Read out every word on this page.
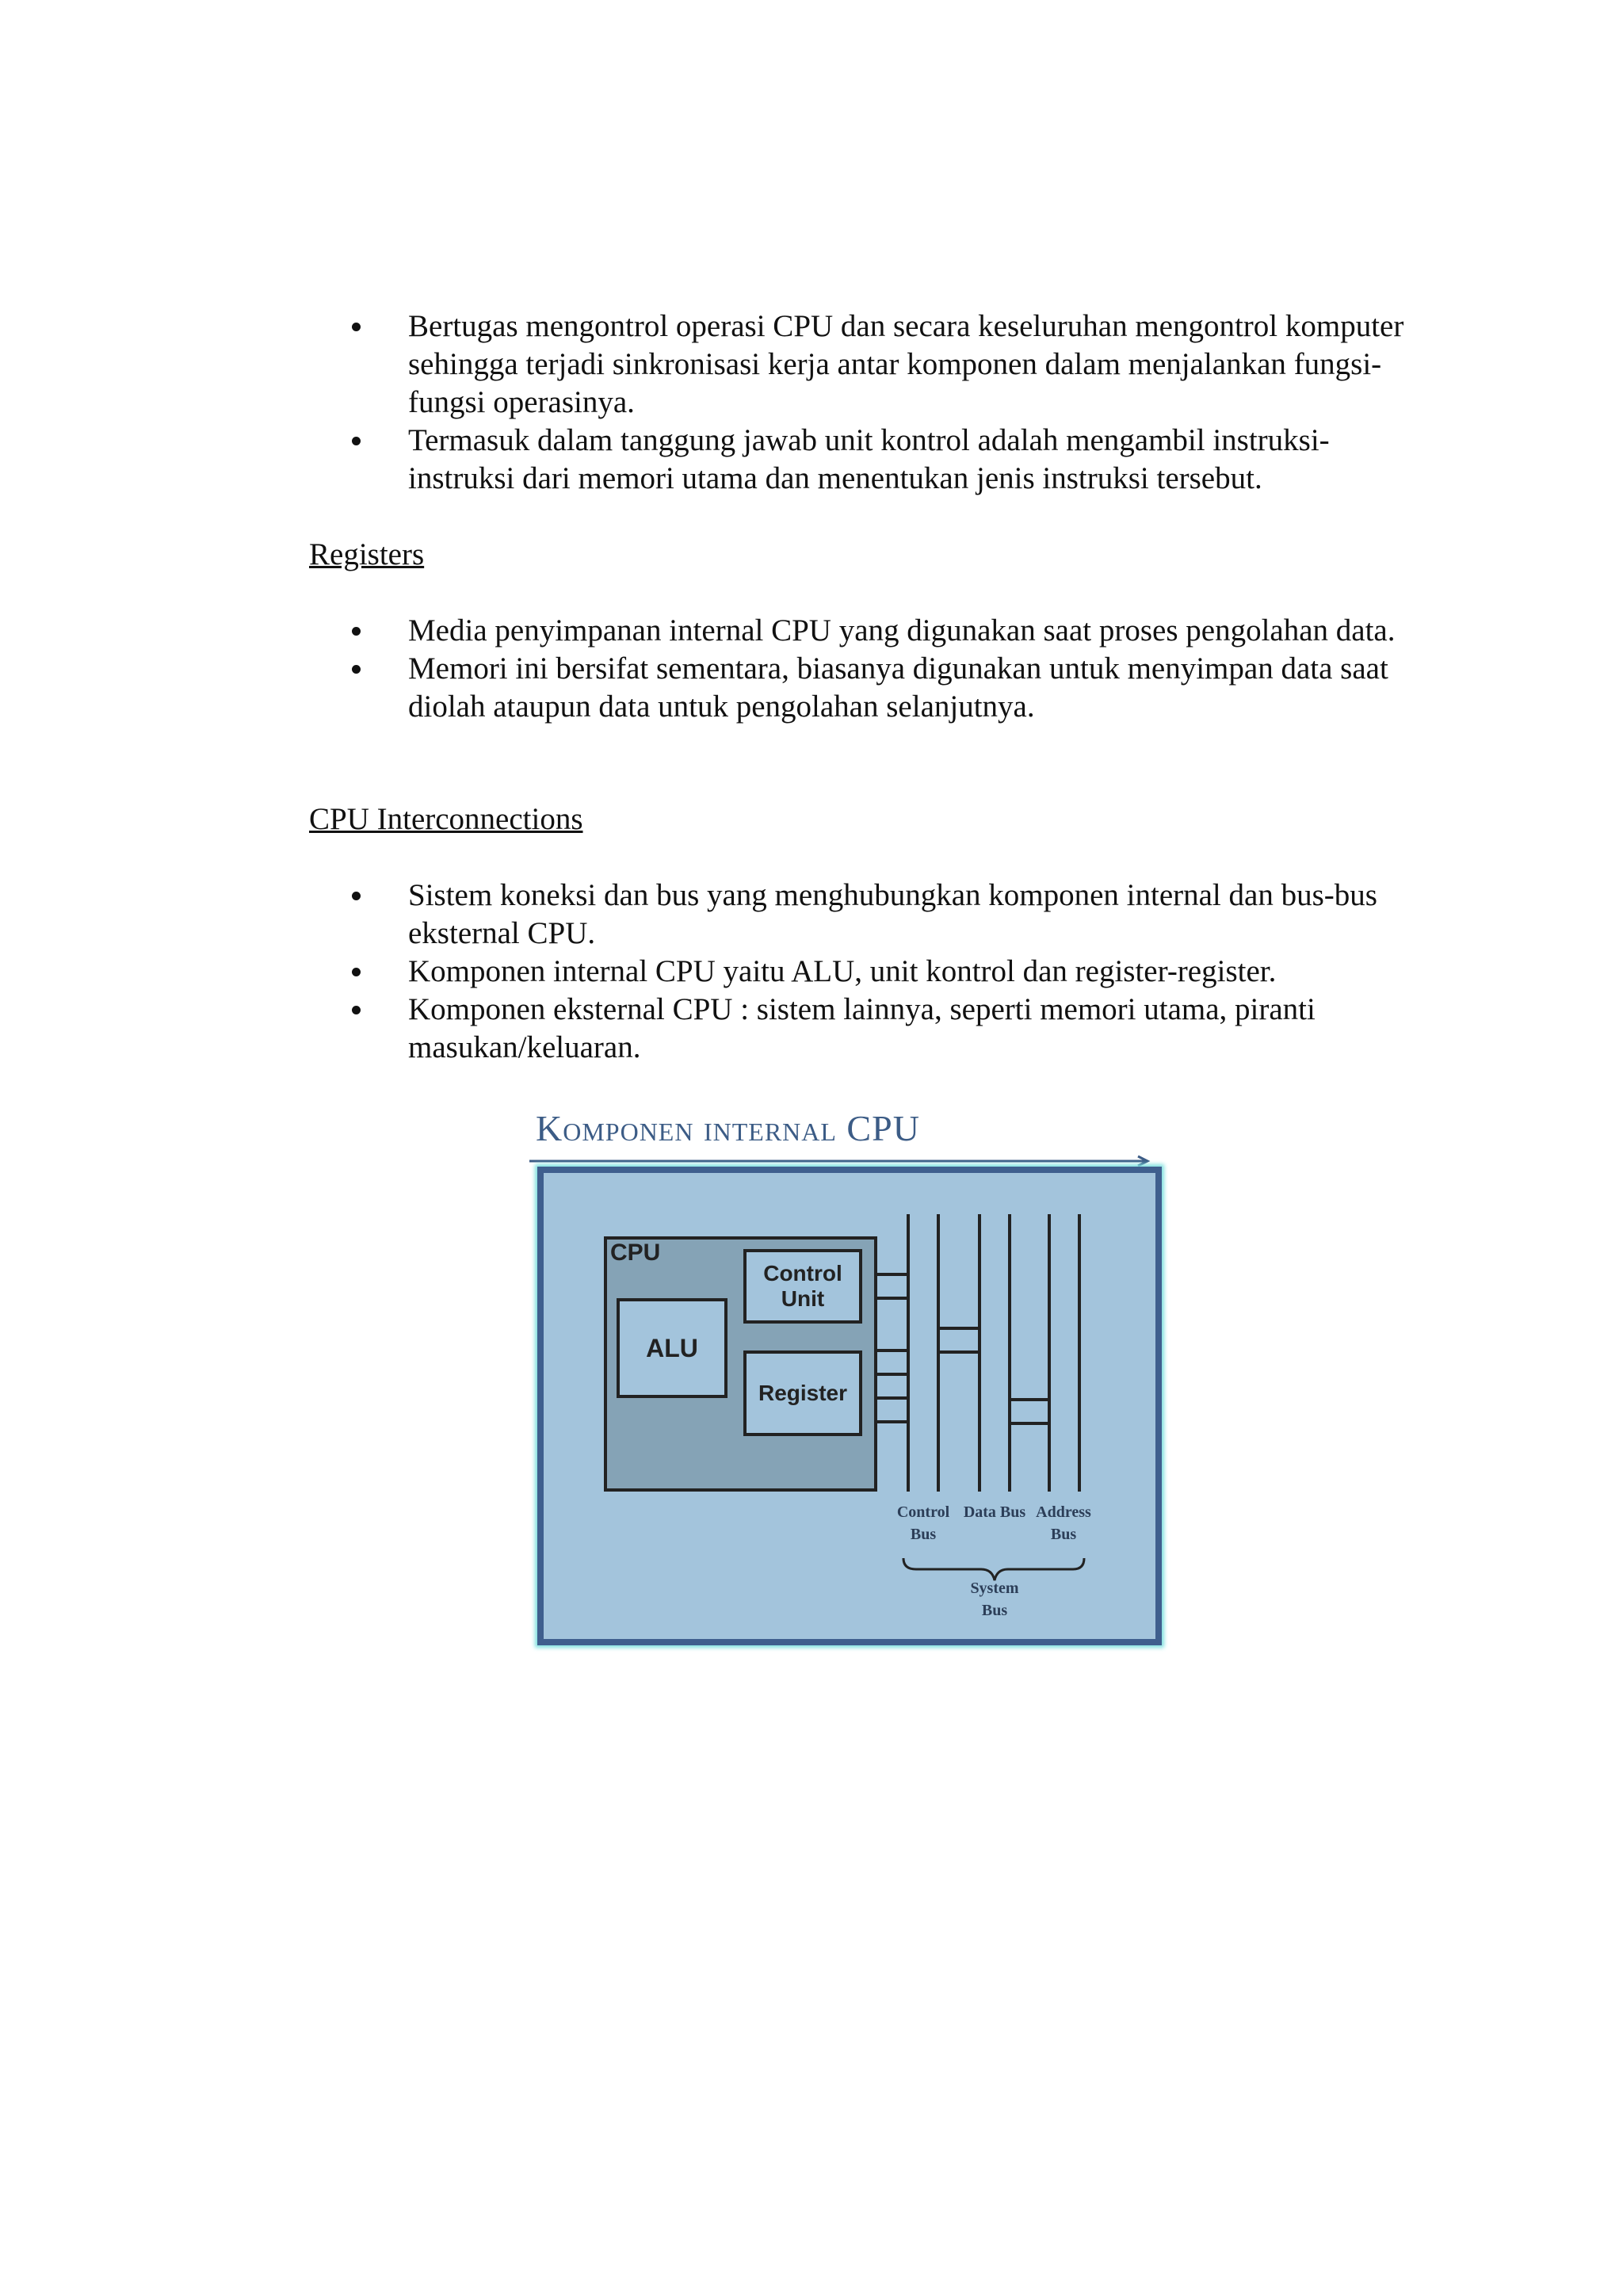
Bertugas mengontrol operasi CPU dan secara keseluruhan mengontrol komputer sehingga terjadi sinkronisasi kerja antar komponen dalam menjalankan fungsi-fungsi operasinya.
Termasuk dalam tanggung jawab unit kontrol adalah mengambil instruksi-instruksi dari memori utama dan menentukan jenis instruksi tersebut.
Registers
Media penyimpanan internal CPU yang digunakan saat proses pengolahan data.
Memori ini bersifat sementara, biasanya digunakan untuk menyimpan data saat diolah ataupun data untuk pengolahan selanjutnya.
CPU Interconnections
Sistem koneksi dan bus yang menghubungkan komponen internal dan bus-bus eksternal CPU.
Komponen internal CPU yaitu ALU, unit kontrol dan register-register.
Komponen eksternal CPU : sistem lainnya, seperti memori utama, piranti masukan/keluaran.
Komponen internal CPU
CPU
Control Unit
ALU
Register
Control Bus
Data Bus Address Bus
System Bus
